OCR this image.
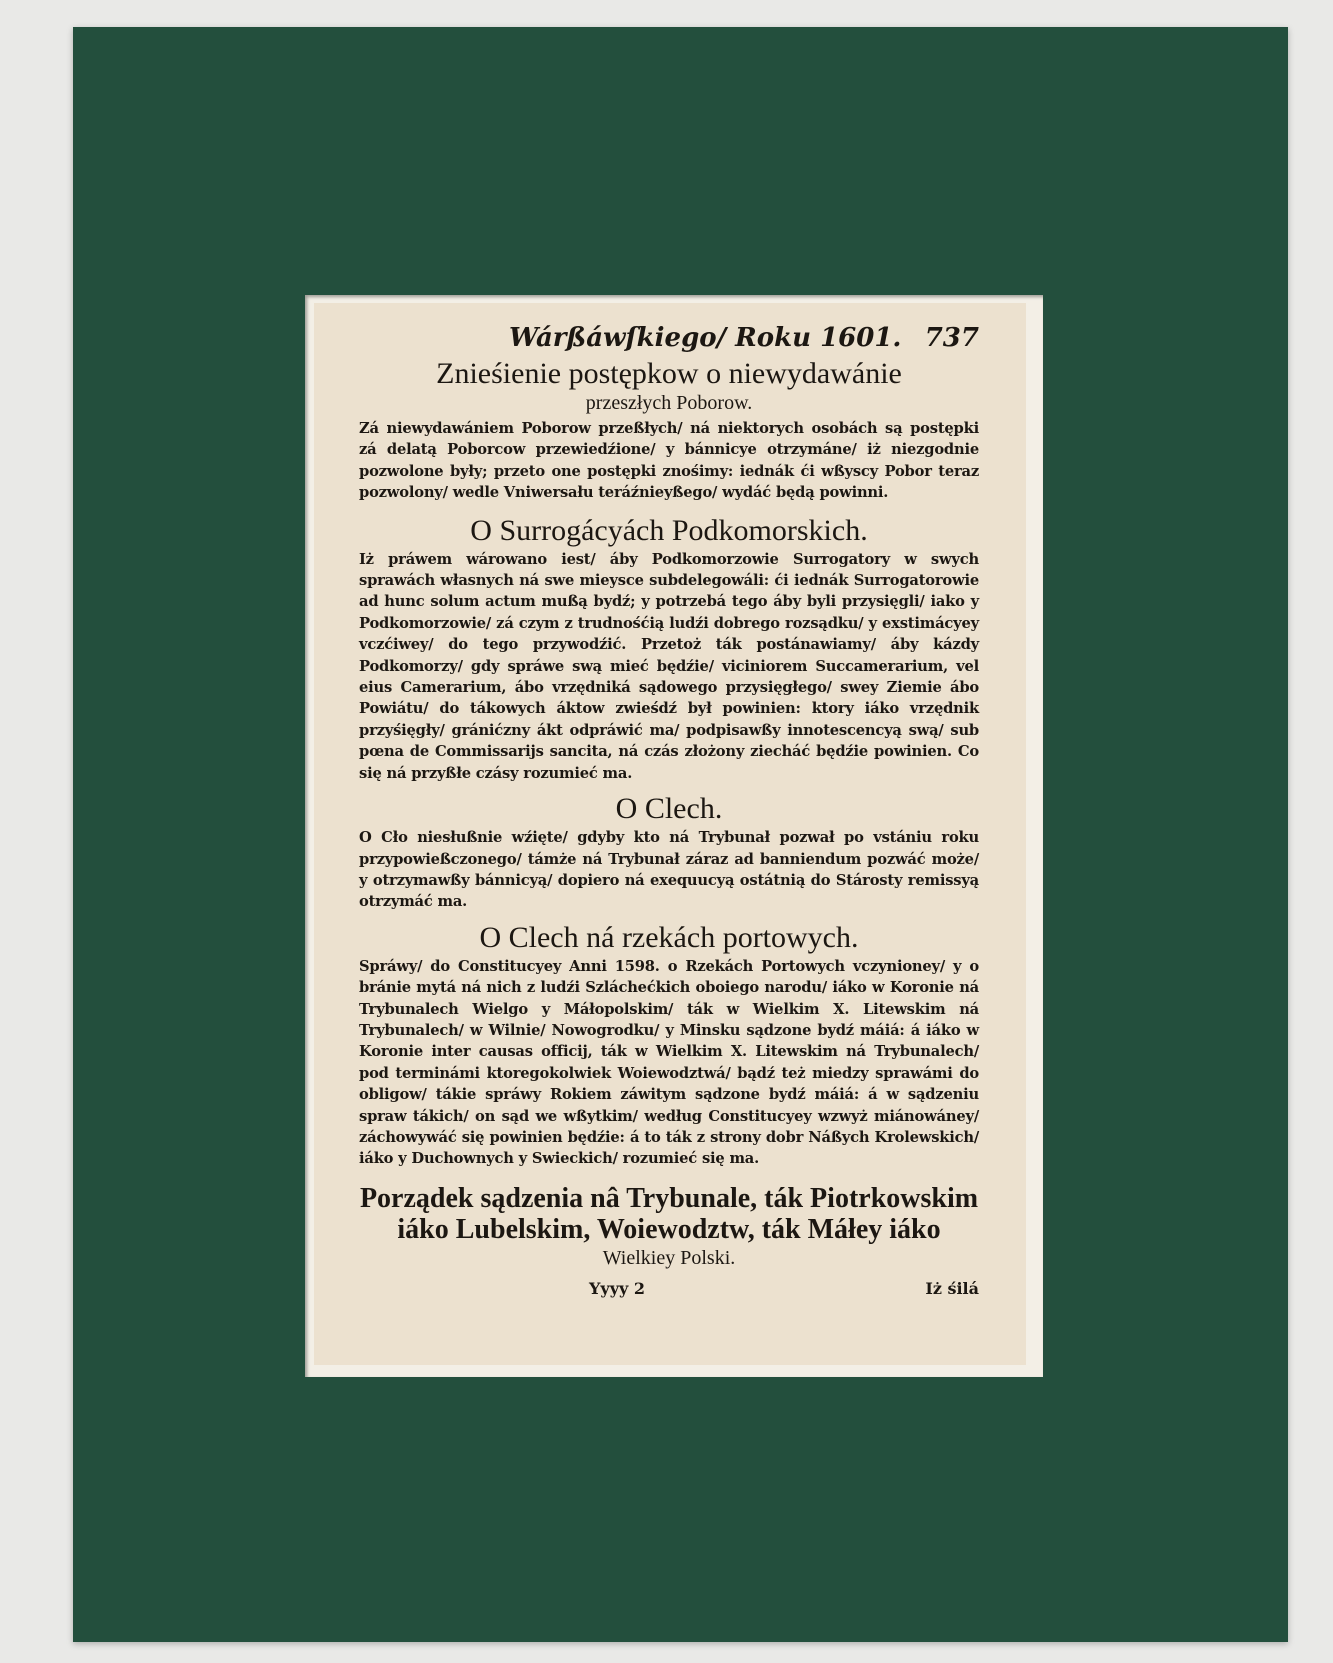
Wárßáwſkiego/ Roku 1601. 737
Znieśienie postępkow o niewydawánie
przeszłych Poborow.

Zá niewydawániem Poborow przeßłych/ ná niektorych osobách są postępki zá delatą Poborcow przewiedźione/ y bánnicye otrzymáne/ iż niezgodnie pozwolone były; przeto one postępki znośimy: iednák ći wßyscy Pobor teraz pozwolony/ wedle Vniwersału teráźnieyßego/ wydáć będą powinni.

O Surrogácyách Podkomorskich.

Iż práwem wárowano iest/ áby Podkomorzowie Surrogatory w swych sprawách własnych ná swe mieysce subdelegowáli: ći iednák Surrogatorowie ad hunc solum actum mußą bydź; y potrzebá tego áby byli przysięgli/ iako y Podkomorzowie/ zá czym z trudnośćią ludźi dobrego rozsądku/ y exstimácyey vczćiwey/ do tego przywodźić. Przetoż ták postánawiamy/ áby kázdy Podkomorzy/ gdy spráwe swą mieć będźie/ viciniorem Succamerarium, vel eius Camerarium, ábo vrzędniká sądowego przysięgłego/ swey Ziemie ábo Powiátu/ do tákowych áktow zwieśdź był powinien: ktory iáko vrzędnik przyśięgły/ gránićzny ákt odpráwić ma/ podpisawßy innotescencyą swą/ sub pœna de Commissarijs sancita, ná czás złożony ziecháć będźie powinien. Co się ná przyßłe czásy rozumieć ma.

O Clech.

O Cło niesłußnie wźięte/ gdyby kto ná Trybunał pozwał po vstániu roku przypowießczonego/ támże ná Trybunał záraz ad banniendum pozwáć może/ y otrzymawßy bánnicyą/ dopiero ná exequucyą ostátnią do Stárosty remissyą otrzymáć ma.

O Clech ná rzekách portowych.

Spráwy/ do Constitucyey Anni 1598. o Rzekách Portowych vczynioney/ y o bránie mytá ná nich z ludźi Szláchećkich oboiego narodu/ iáko w Koronie ná Trybunalech Wielgo y Máłopolskim/ ták w Wielkim X. Litewskim ná Trybunalech/ w Wilnie/ Nowogrodku/ y Minsku sądzone bydź máiá: á iáko w Koronie inter causas officij, ták w Wielkim X. Litewskim ná Trybunalech/ pod terminámi ktoregokolwiek Woiewodztwá/ bądź też miedzy sprawámi do obligow/ tákie spráwy Rokiem záwitym sądzone bydź máiá: á w sądzeniu spraw tákich/ on sąd we wßytkim/ według Constitucyey wzwyż miánowáney/ záchowywáć się powinien będźie: á to ták z strony dobr Náßych Krolewskich/ iáko y Duchownych y Swieckich/ rozumieć się ma.

Porządek sądzenia nâ Trybunale, ták Piotrkowskim iáko Lubelskim, Woiewodztw, ták Máłey iáko
Wielkiey Polski.
Yyyy 2	Iż śilá
